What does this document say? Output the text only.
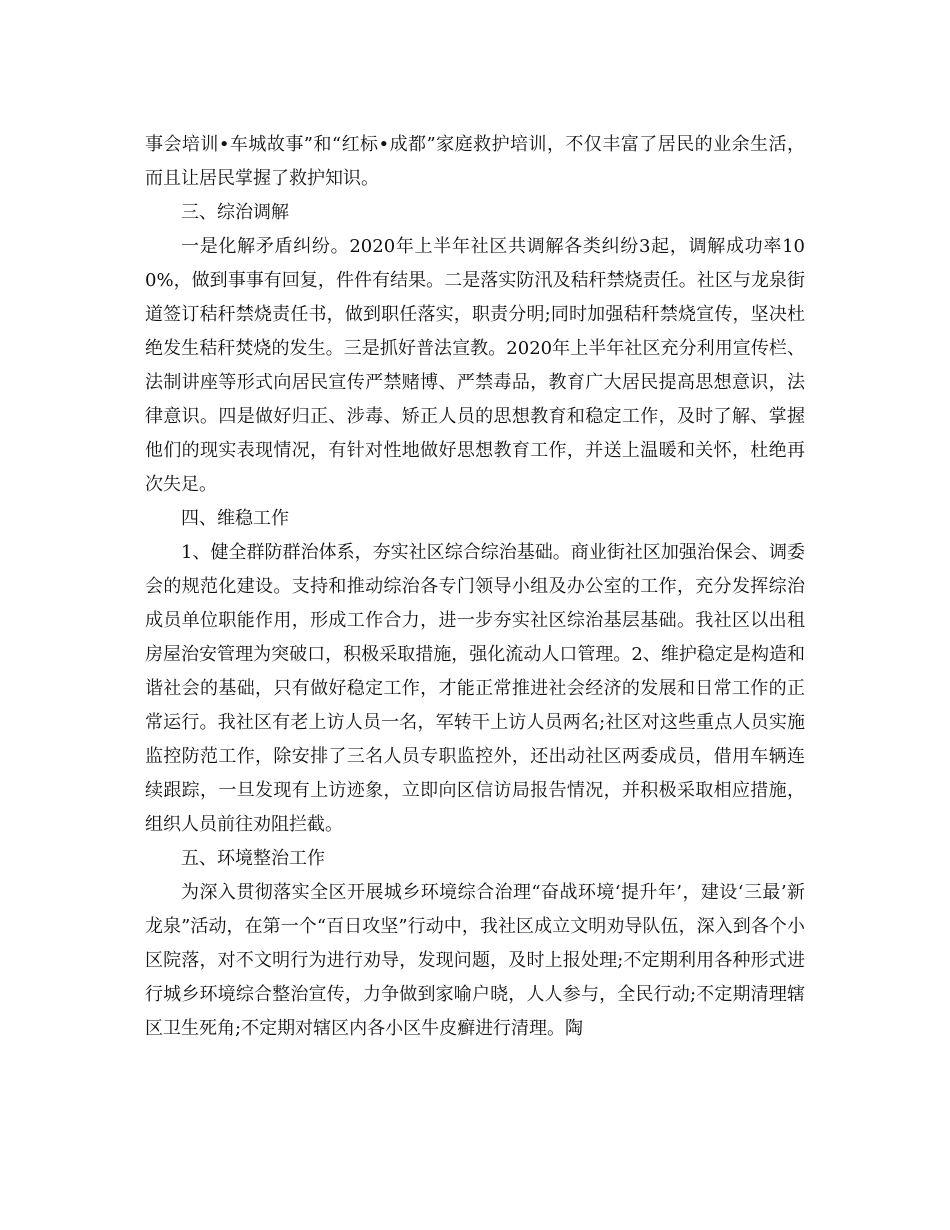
事会培训•车城故事”和“红标•成都”家庭救护培训，不仅丰富了居民的业余生活，而且让居民掌握了救护知识。

三、综治调解

一是化解矛盾纠纷。2020年上半年社区共调解各类纠纷3起，调解成功率100%，做到事事有回复，件件有结果。二是落实防汛及秸秆禁烧责任。社区与龙泉街道签订秸秆禁烧责任书，做到职任落实，职责分明;同时加强秸秆禁烧宣传，坚决杜绝发生秸秆焚烧的发生。三是抓好普法宣教。2020年上半年社区充分利用宣传栏、法制讲座等形式向居民宣传严禁赌博、严禁毒品，教育广大居民提高思想意识，法律意识。四是做好归正、涉毒、矫正人员的思想教育和稳定工作，及时了解、掌握他们的现实表现情况，有针对性地做好思想教育工作，并送上温暖和关怀，杜绝再次失足。

四、维稳工作

1、健全群防群治体系，夯实社区综合综治基础。商业街社区加强治保会、调委会的规范化建设。支持和推动综治各专门领导小组及办公室的工作，充分发挥综治成员单位职能作用，形成工作合力，进一步夯实社区综治基层基础。我社区以出租房屋治安管理为突破口，积极采取措施，强化流动人口管理。2、维护稳定是构造和谐社会的基础，只有做好稳定工作，才能正常推进社会经济的发展和日常工作的正常运行。我社区有老上访人员一名，军转干上访人员两名;社区对这些重点人员实施监控防范工作，除安排了三名人员专职监控外，还出动社区两委成员，借用车辆连续跟踪，一旦发现有上访迹象，立即向区信访局报告情况，并积极采取相应措施，组织人员前往劝阻拦截。

五、环境整治工作

为深入贯彻落实全区开展城乡环境综合治理“奋战环境‘提升年’，建设‘三最’新龙泉”活动，在第一个“百日攻坚”行动中，我社区成立文明劝导队伍，深入到各个小区院落，对不文明行为进行劝导，发现问题，及时上报处理;不定期利用各种形式进行城乡环境综合整治宣传，力争做到家喻户晓，人人参与，全民行动;不定期清理辖区卫生死角;不定期对辖区内各小区牛皮癣进行清理。陶
